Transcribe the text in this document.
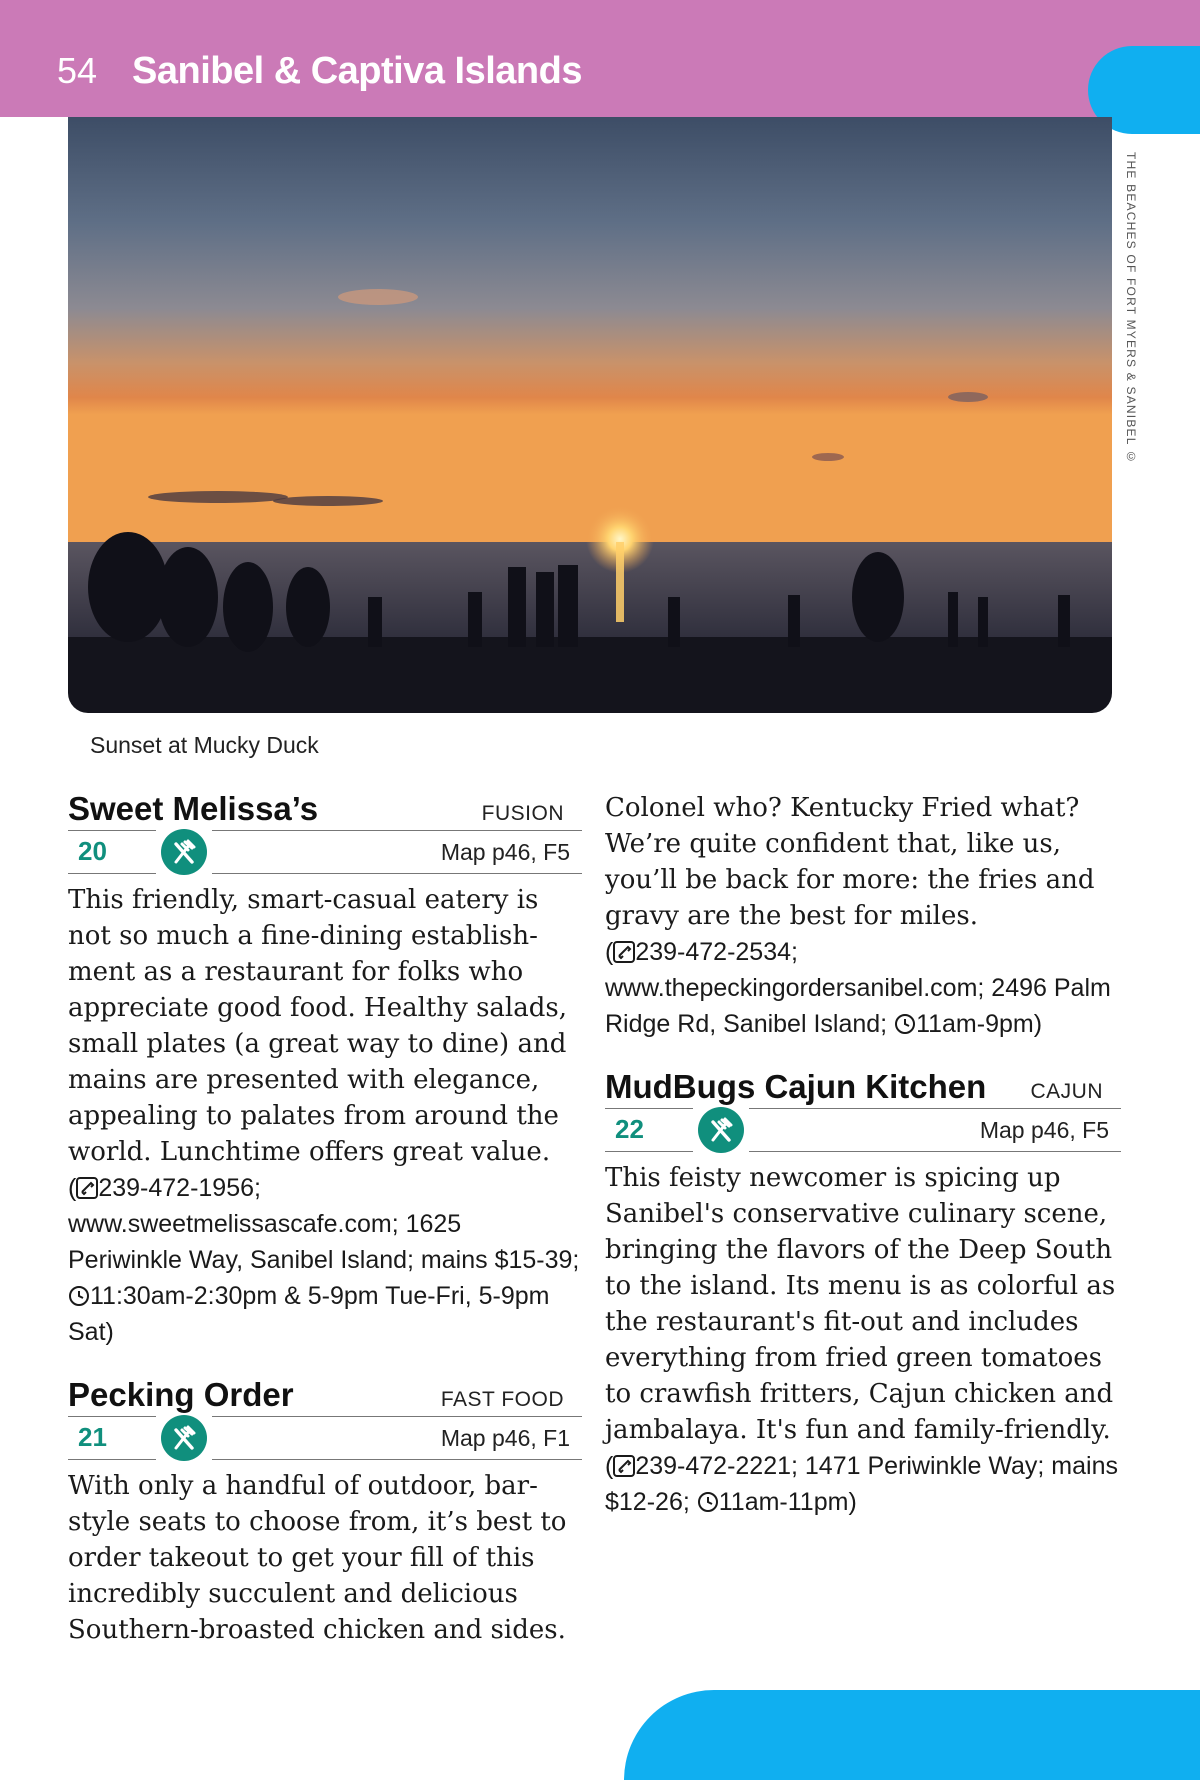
54 Sanibel & Captiva Islands
THE BEACHES OF FORT MYERS & SANIBEL ©
Sunset at Mucky Duck
Sweet Melissa’s	FUSION
20	Map p46, F5
This friendly, smart-casual eatery is not so much a fine-dining establish-ment as a restaurant for folks who appreciate good food. Healthy salads, small plates (a great way to dine) and mains are presented with elegance, appealing to palates from around the world. Lunchtime offers great value.
( 239-472-1956; www.sweetmelissascafe.com; 1625 Periwinkle Way, Sanibel Island; mains $15-39; 11:30am-2:30pm & 5-9pm Tue-Fri, 5-9pm Sat)
Pecking Order	FAST FOOD
21	Map p46, F1
With only a handful of outdoor, bar-style seats to choose from, it’s best to order takeout to get your fill of this incredibly succulent and delicious Southern-broasted chicken and sides.
Colonel who? Kentucky Fried what? We’re quite confident that, like us, you’ll be back for more: the fries and gravy are the best for miles.
( 239-472-2534; www.thepeckingordersanibel.com; 2496 Palm Ridge Rd, Sanibel Island; 11am-9pm)
MudBugs Cajun Kitchen CAJUN
22	Map p46, F5
This feisty newcomer is spicing up Sanibel's conservative culinary scene, bringing the flavors of the Deep South to the island. Its menu is as colorful as the restaurant's fit-out and includes everything from fried green tomatoes to crawfish fritters, Cajun chicken and jambalaya. It's fun and family-friendly.
( 239-472-2221; 1471 Periwinkle Way; mains $12-26; 11am-11pm)
